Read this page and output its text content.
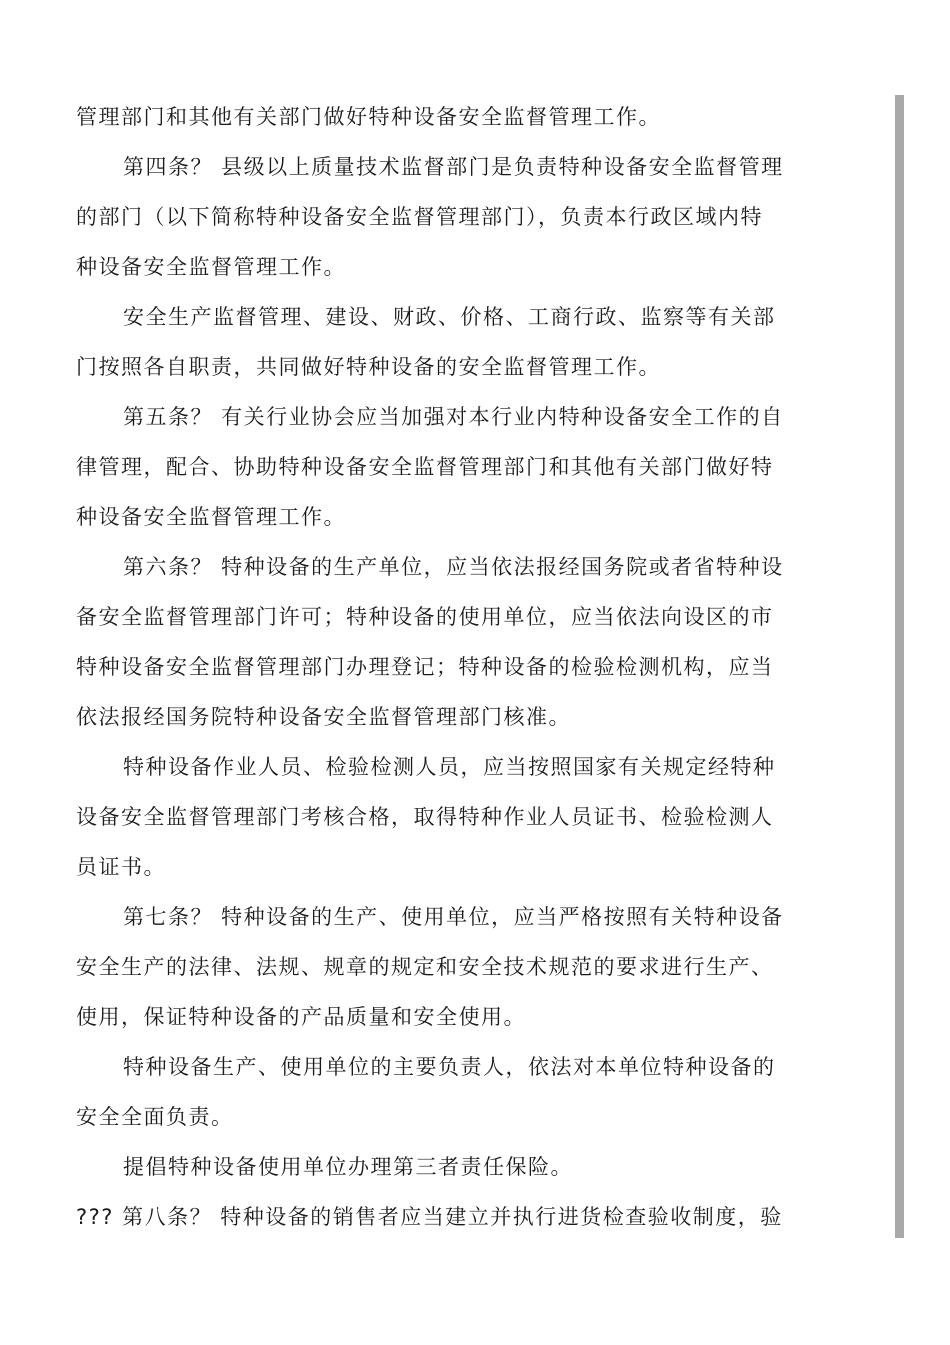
管理部门和其他有关部门做好特种设备安全监督管理工作。
第四条？ 县级以上质量技术监督部门是负责特种设备安全监督管理
的部门（以下简称特种设备安全监督管理部门），负责本行政区域内特
种设备安全监督管理工作。
安全生产监督管理、建设、财政、价格、工商行政、监察等有关部
门按照各自职责，共同做好特种设备的安全监督管理工作。
第五条？ 有关行业协会应当加强对本行业内特种设备安全工作的自
律管理，配合、协助特种设备安全监督管理部门和其他有关部门做好特
种设备安全监督管理工作。
第六条？ 特种设备的生产单位，应当依法报经国务院或者省特种设
备安全监督管理部门许可；特种设备的使用单位，应当依法向设区的市
特种设备安全监督管理部门办理登记；特种设备的检验检测机构，应当
依法报经国务院特种设备安全监督管理部门核准。
特种设备作业人员、检验检测人员，应当按照国家有关规定经特种
设备安全监督管理部门考核合格，取得特种作业人员证书、检验检测人
员证书。
第七条？ 特种设备的生产、使用单位，应当严格按照有关特种设备
安全生产的法律、法规、规章的规定和安全技术规范的要求进行生产、
使用，保证特种设备的产品质量和安全使用。
特种设备生产、使用单位的主要负责人，依法对本单位特种设备的
安全全面负责。
提倡特种设备使用单位办理第三者责任保险。
??? 第八条？ 特种设备的销售者应当建立并执行进货检查验收制度，验
